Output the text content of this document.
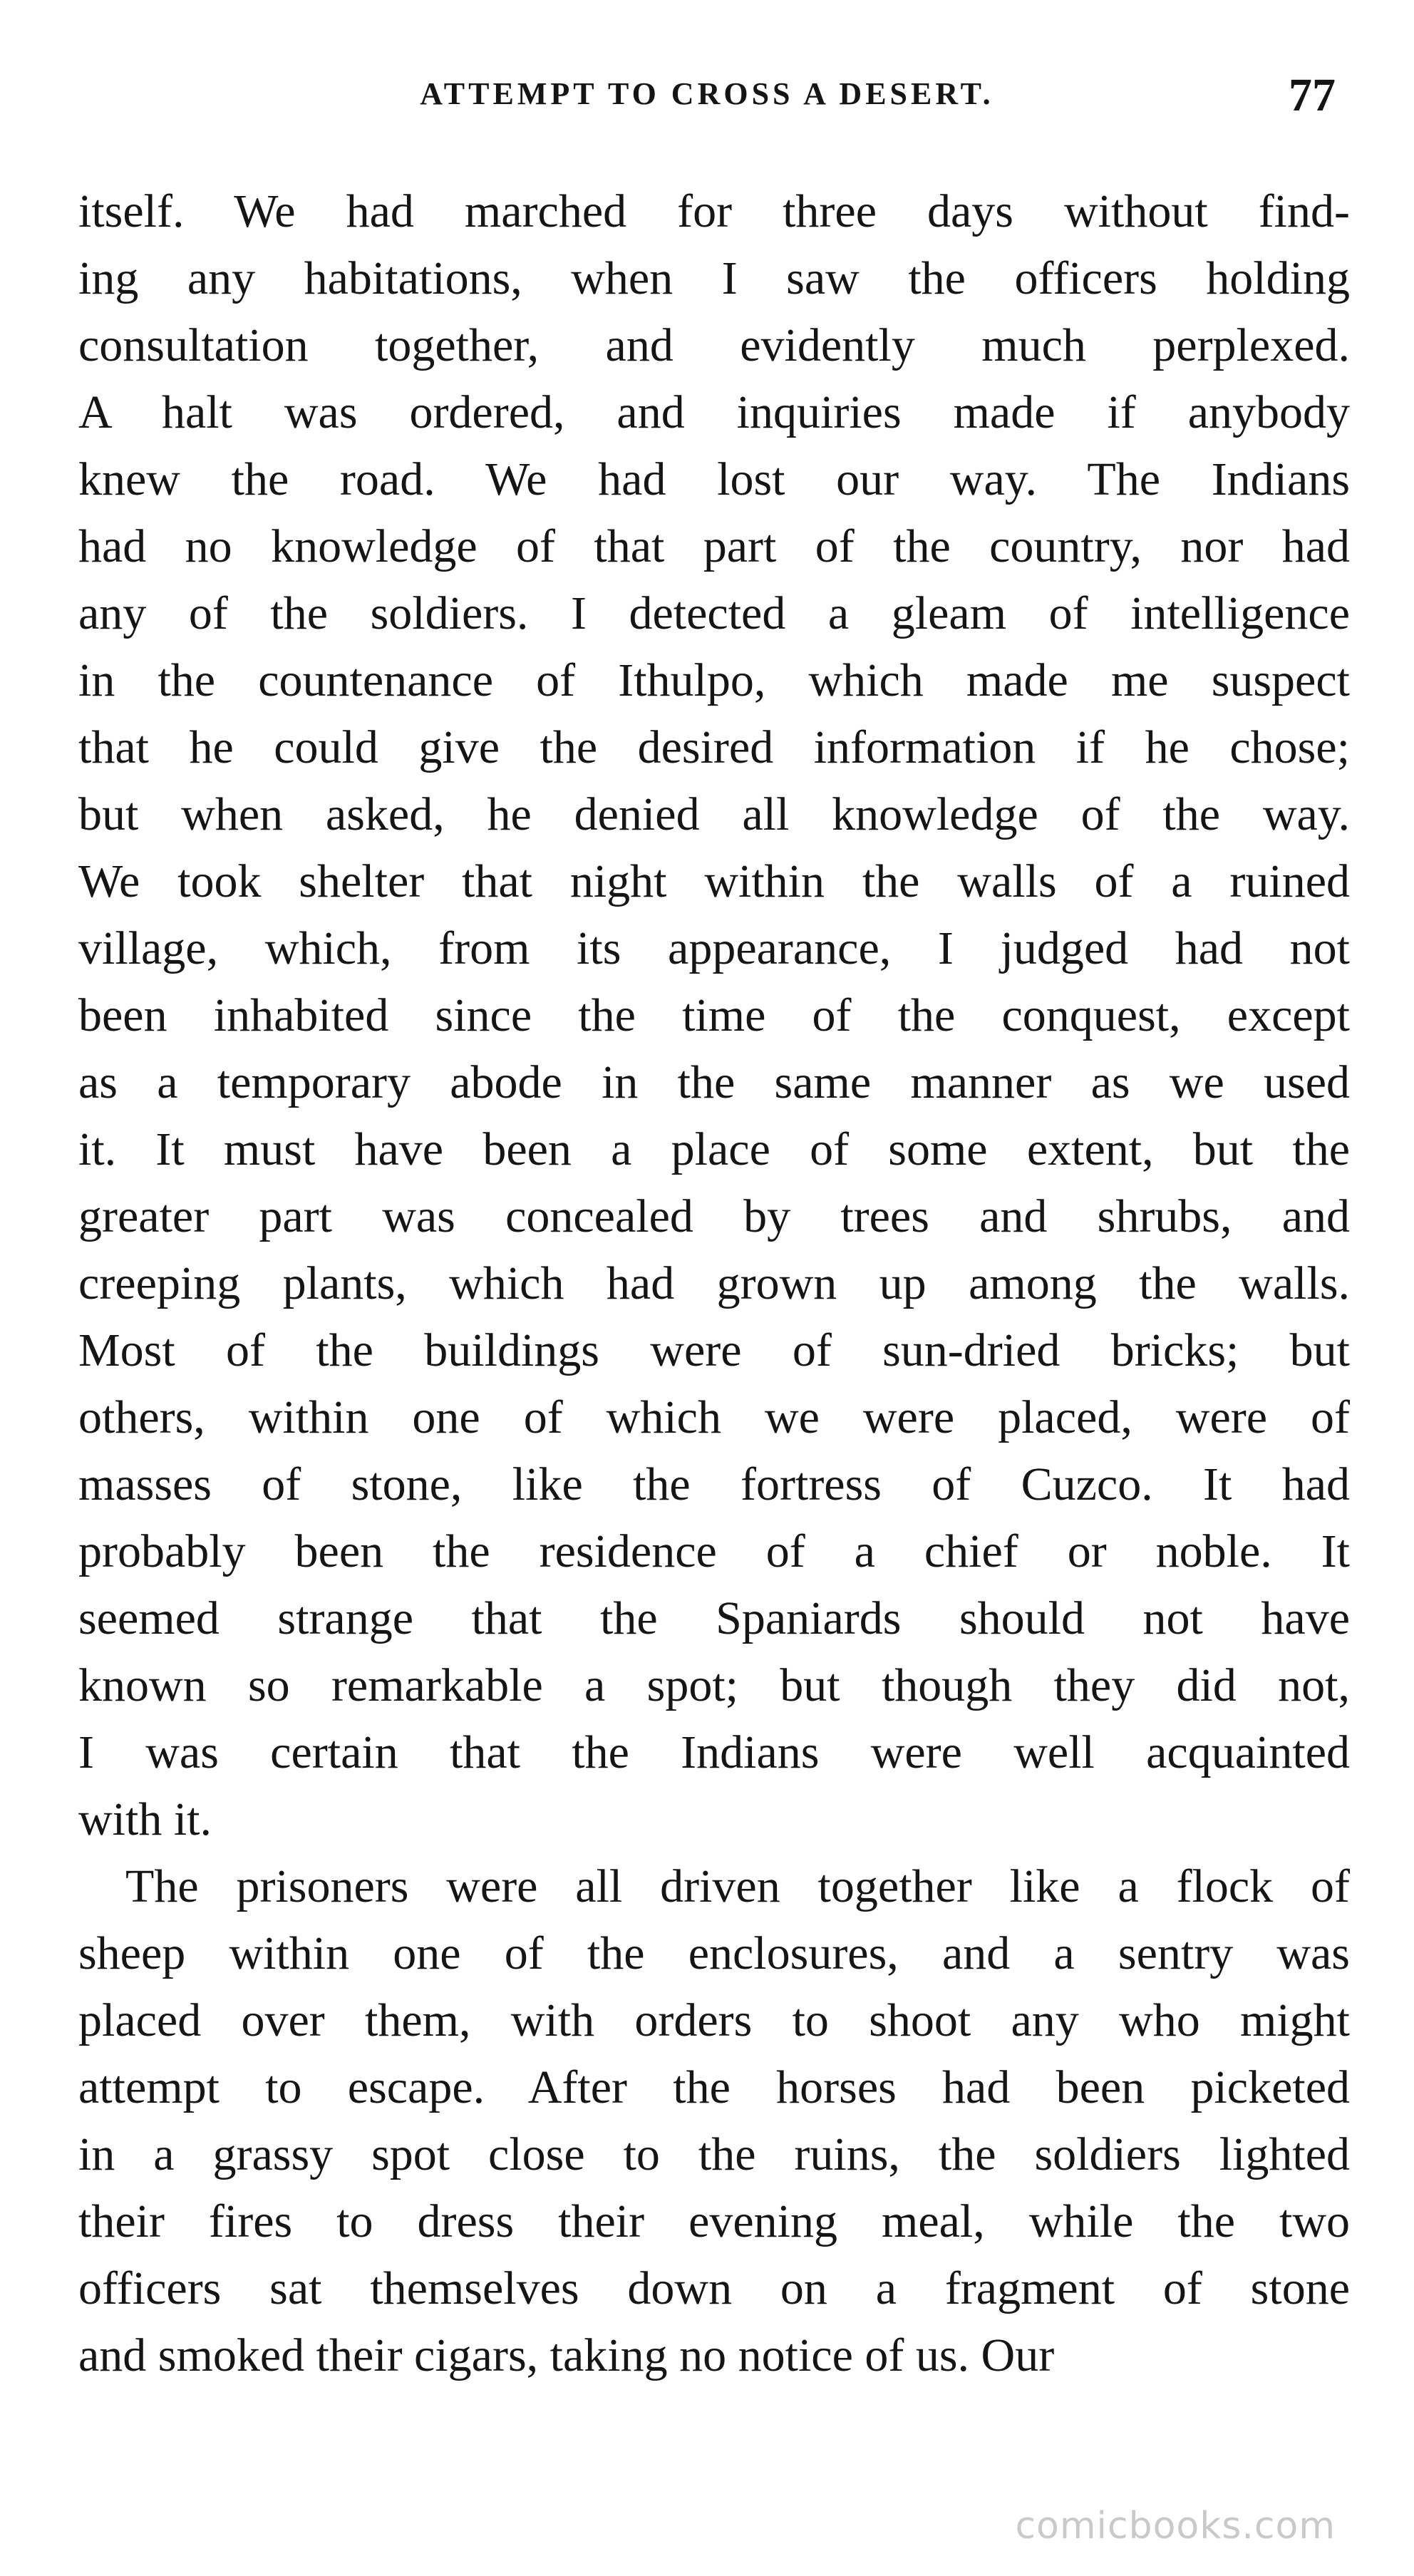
ATTEMPT TO CROSS A DESERT.	77
itself. We had marched for three days without find-
ing any habitations, when I saw the officers holding
consultation together, and evidently much perplexed.
A halt was ordered, and inquiries made if anybody
knew the road. We had lost our way. The Indians
had no knowledge of that part of the country, nor had
any of the soldiers. I detected a gleam of intelligence
in the countenance of Ithulpo, which made me suspect
that he could give the desired information if he chose;
but when asked, he denied all knowledge of the way.
We took shelter that night within the walls of a ruined
village, which, from its appearance, I judged had not
been inhabited since the time of the conquest, except
as a temporary abode in the same manner as we used
it. It must have been a place of some extent, but the
greater part was concealed by trees and shrubs, and
creeping plants, which had grown up among the walls.
Most of the buildings were of sun-dried bricks; but
others, within one of which we were placed, were of
masses of stone, like the fortress of Cuzco. It had
probably been the residence of a chief or noble. It
seemed strange that the Spaniards should not have
known so remarkable a spot; but though they did not,
I was certain that the Indians were well acquainted
with it.
The prisoners were all driven together like a flock of
sheep within one of the enclosures, and a sentry was
placed over them, with orders to shoot any who might
attempt to escape. After the horses had been picketed
in a grassy spot close to the ruins, the soldiers lighted
their fires to dress their evening meal, while the two
officers sat themselves down on a fragment of stone
and smoked their cigars, taking no notice of us. Our
comicbooks.com
